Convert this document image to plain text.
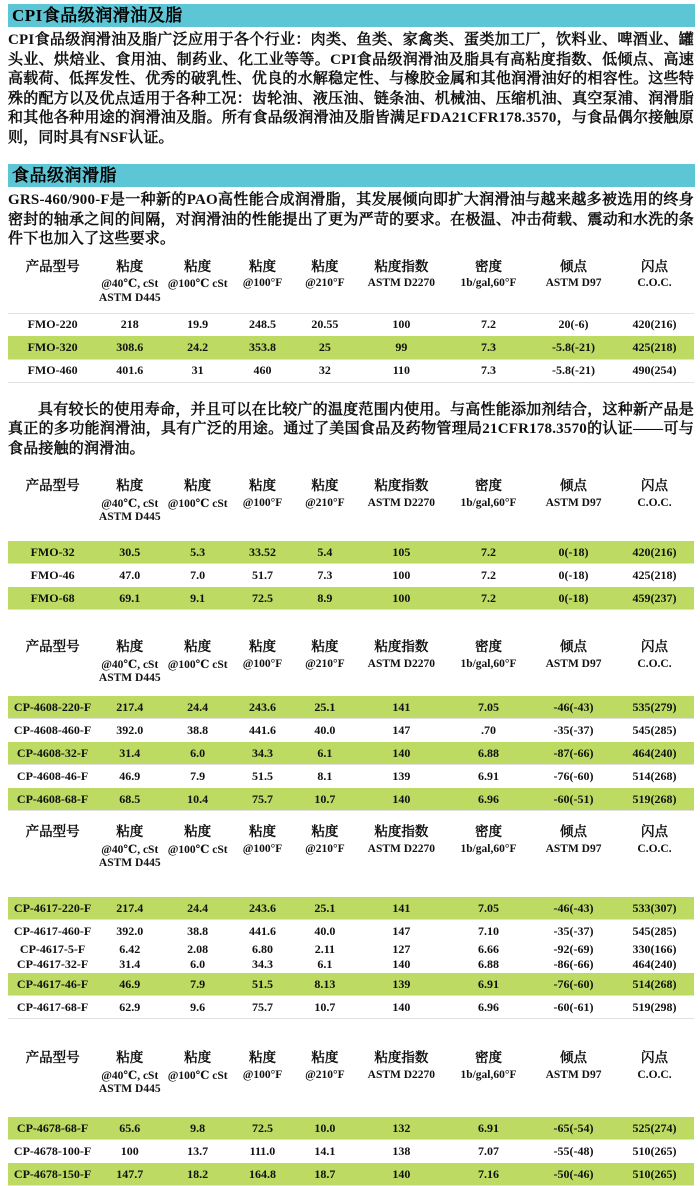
CPI食品级润滑油及脂

CPI食品级润滑油及脂广泛应用于各个行业：肉类、鱼类、家禽类、蛋类加工厂，饮料业、啤酒业、罐头业、烘焙业、食用油、制药业、化工业等等。CPI食品级润滑油及脂具有高粘度指数、低倾点、高速高载荷、低挥发性、优秀的破乳性、优良的水解稳定性、与橡胶金属和其他润滑油好的相容性。这些特殊的配方以及优点适用于各种工况：齿轮油、液压油、链条油、机械油、压缩机油、真空泵浦、润滑脂和其他各种用途的润滑油及脂。所有食品级润滑油及脂皆满足FDA21CFR178.3570，与食品偶尔接触原则，同时具有NSF认证。

食品级润滑脂

GRS-460/900-F是一种新的PAO高性能合成润滑脂，其发展倾向即扩大润滑油与越来越多被选用的终身密封的轴承之间的间隔，对润滑油的性能提出了更为严苛的要求。在极温、冲击荷载、震动和水洗的条件下也加入了这些要求。

产品型号	粘度	粘度	粘度	粘度	粘度指数	密度	倾点	闪点
	@40℃, cSt	@100℃ cSt	@100°F	@210°F	ASTM D2270	1b/gal,60°F	ASTM D97	C.O.C.
	ASTM D445							

FMO-220	218	19.9	248.5	20.55	100	7.2	20(-6)	420(216)
FMO-320	308.6	24.2	353.8	25	99	7.3	-5.8(-21)	425(218)
FMO-460	401.6	31	460	32	110	7.3	-5.8(-21)	490(254)

具有较长的使用寿命，并且可以在比较广的温度范围内使用。与高性能添加剂结合，这种新产品是真正的多功能润滑油，具有广泛的用途。通过了美国食品及药物管理局21CFR178.3570的认证——可与食品接触的润滑油。

产品型号	粘度	粘度	粘度	粘度	粘度指数	密度	倾点	闪点
	@40℃, cSt	@100℃ cSt	@100°F	@210°F	ASTM D2270	1b/gal,60°F	ASTM D97	C.O.C.
	ASTM D445							

FMO-32	30.5	5.3	33.52	5.4	105	7.2	0(-18)	420(216)
FMO-46	47.0	7.0	51.7	7.3	100	7.2	0(-18)	425(218)
FMO-68	69.1	9.1	72.5	8.9	100	7.2	0(-18)	459(237)
产品型号	粘度	粘度	粘度	粘度	粘度指数	密度	倾点	闪点
	@40℃, cSt	@100℃ cSt	@100°F	@210°F	ASTM D2270	1b/gal,60°F	ASTM D97	C.O.C.
	ASTM D445							

CP-4608-220-F	217.4	24.4	243.6	25.1	141	7.05	-46(-43)	535(279)
CP-4608-460-F	392.0	38.8	441.6	40.0	147	.70	-35(-37)	545(285)
CP-4608-32-F	31.4	6.0	34.3	6.1	140	6.88	-87(-66)	464(240)
CP-4608-46-F	46.9	7.9	51.5	8.1	139	6.91	-76(-60)	514(268)
CP-4608-68-F	68.5	10.4	75.7	10.7	140	6.96	-60(-51)	519(268)
产品型号	粘度	粘度	粘度	粘度	粘度指数	密度	倾点	闪点
	@40℃, cSt	@100℃ cSt	@100°F	@210°F	ASTM D2270	1b/gal,60°F	ASTM D97	C.O.C.
	ASTM D445							

CP-4617-220-F	217.4	24.4	243.6	25.1	141	7.05	-46(-43)	533(307)
CP-4617-460-F	392.0	38.8	441.6	40.0	147	7.10	-35(-37)	545(285)
CP-4617-5-F	6.42	2.08	6.80	2.11	127	6.66	-92(-69)	330(166)
CP-4617-32-F	31.4	6.0	34.3	6.1	140	6.88	-86(-66)	464(240)
CP-4617-46-F	46.9	7.9	51.5	8.13	139	6.91	-76(-60)	514(268)
CP-4617-68-F	62.9	9.6	75.7	10.7	140	6.96	-60(-61)	519(298)
产品型号	粘度	粘度	粘度	粘度	粘度指数	密度	倾点	闪点
	@40℃, cSt	@100℃ cSt	@100°F	@210°F	ASTM D2270	1b/gal,60°F	ASTM D97	C.O.C.
	ASTM D445							

CP-4678-68-F	65.6	9.8	72.5	10.0	132	6.91	-65(-54)	525(274)
CP-4678-100-F	100	13.7	111.0	14.1	138	7.07	-55(-48)	510(265)
CP-4678-150-F	147.7	18.2	164.8	18.7	140	7.16	-50(-46)	510(265)
